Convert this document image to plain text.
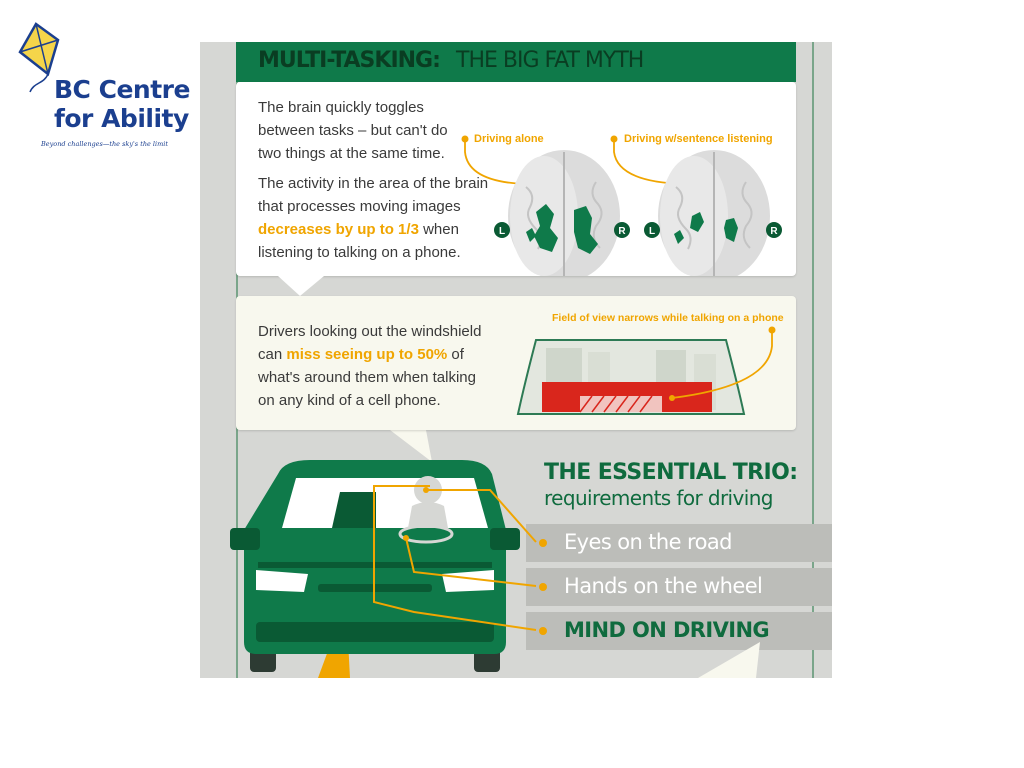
BC Centre
for Ability
Beyond challenges—the sky's the limit
MULTI-TASKING: THE BIG FAT MYTH
The brain quickly toggles between tasks – but can't do two things at the same time.
The activity in the area of the brain that processes moving images decreases by up to 1/3 when listening to talking on a phone.
Driving alone	Driving w/sentence listening
L	R L	R
Drivers looking out the windshield can miss seeing up to 50% of what's around them when talking on any kind of a cell phone.
Field of view narrows while talking on a phone
THE ESSENTIAL TRIO:
requirements for driving
Eyes on the road
Hands on the wheel
MIND ON DRIVING
